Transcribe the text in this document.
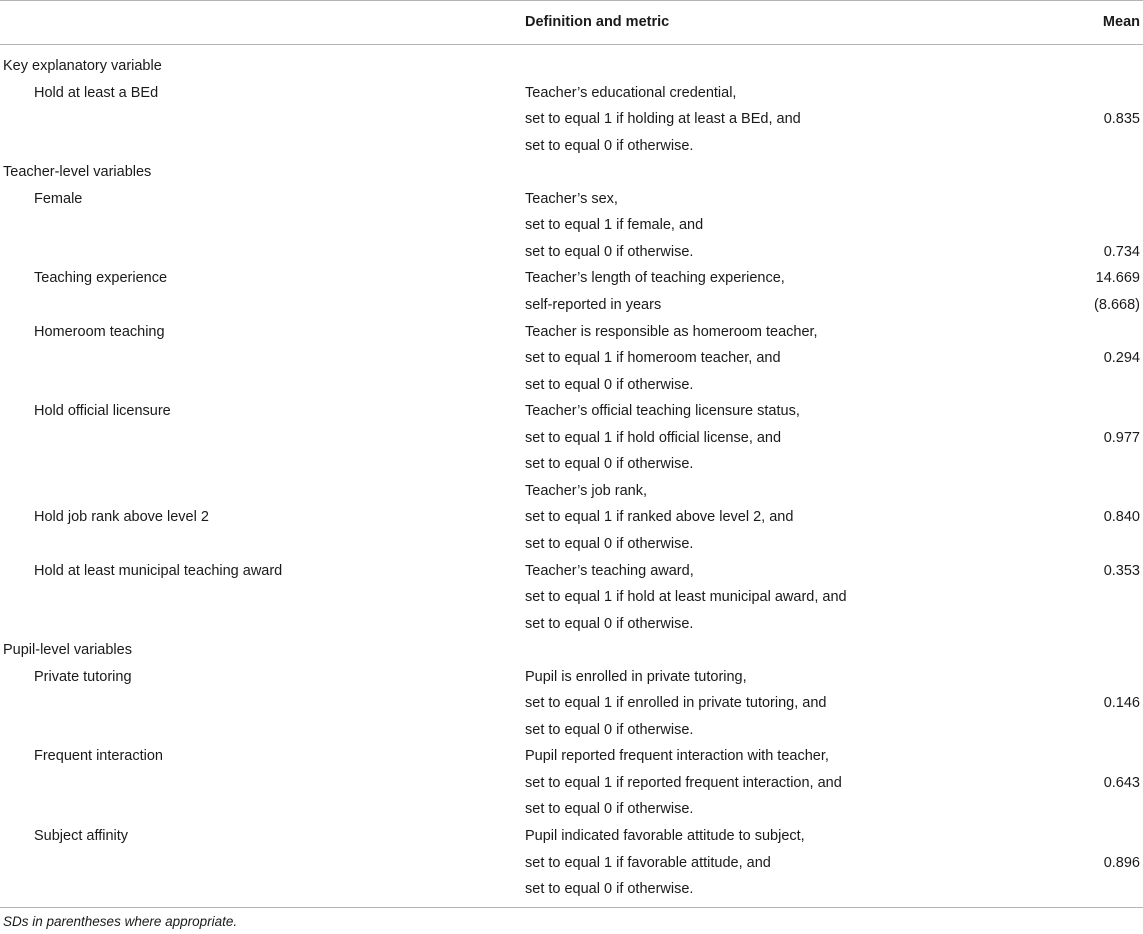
Definition and metric	Mean
Key explanatory variable
Hold at least a BEd	Teacher’s educational credential,
set to equal 1 if holding at least a BEd, and	0.835
set to equal 0 if otherwise.
Teacher-level variables
Female	Teacher’s sex,
set to equal 1 if female, and
set to equal 0 if otherwise.	0.734
Teaching experience	Teacher’s length of teaching experience,	14.669
self-reported in years	(8.668)
Homeroom teaching	Teacher is responsible as homeroom teacher,
set to equal 1 if homeroom teacher, and	0.294
set to equal 0 if otherwise.
Hold official licensure	Teacher’s official teaching licensure status,
set to equal 1 if hold official license, and	0.977
set to equal 0 if otherwise.
Teacher’s job rank,
Hold job rank above level 2	set to equal 1 if ranked above level 2, and	0.840
set to equal 0 if otherwise.
Hold at least municipal teaching award	Teacher’s teaching award,	0.353
set to equal 1 if hold at least municipal award, and
set to equal 0 if otherwise.
Pupil-level variables
Private tutoring	Pupil is enrolled in private tutoring,
set to equal 1 if enrolled in private tutoring, and	0.146
set to equal 0 if otherwise.
Frequent interaction	Pupil reported frequent interaction with teacher,
set to equal 1 if reported frequent interaction, and	0.643
set to equal 0 if otherwise.
Subject affinity	Pupil indicated favorable attitude to subject,
set to equal 1 if favorable attitude, and	0.896
set to equal 0 if otherwise.
SDs in parentheses where appropriate.
